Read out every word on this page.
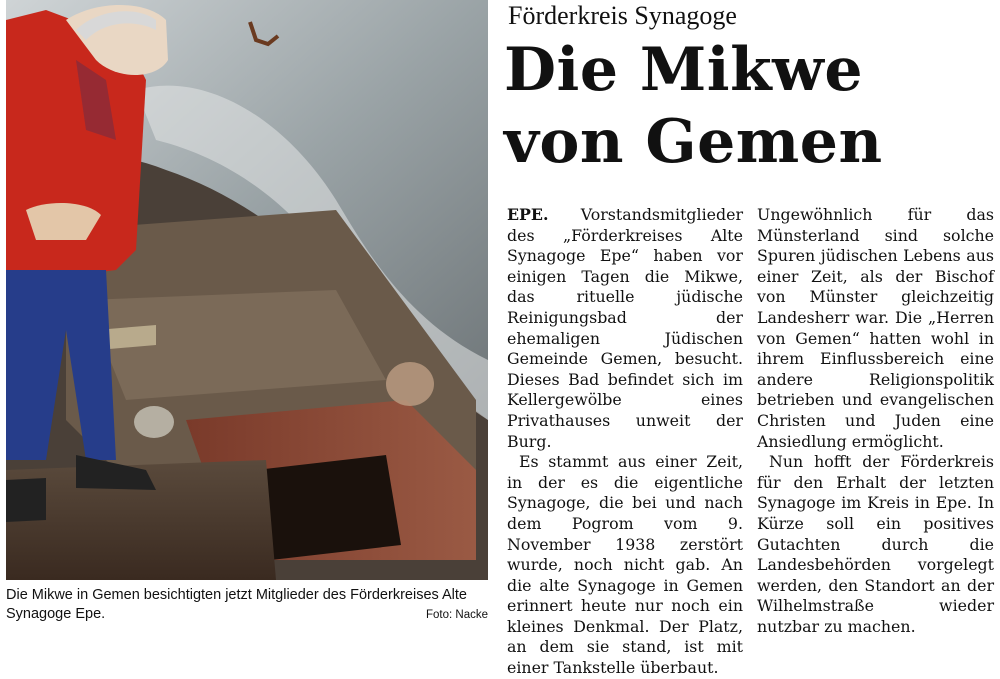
Die Mikwe in Gemen besichtigten jetzt Mitglieder des Förderkreises Alte Synagoge Epe.	Foto: Nacke
Förderkreis Synagoge
Die Mikwe
von Gemen

EPE. Vorstandsmitglieder des „Förderkreises Alte Synagoge Epe“ haben vor einigen Tagen die Mikwe, das rituelle jüdische Reinigungsbad der ehemaligen Jüdischen Gemeinde Gemen, besucht. Dieses Bad befindet sich im Kellergewölbe eines Privathauses unweit der Burg.

Es stammt aus einer Zeit, in der es die eigentliche Synagoge, die bei und nach dem Pogrom vom 9. November 1938 zerstört wurde, noch nicht gab. An die alte Synagoge in Gemen erinnert heute nur noch ein kleines Denkmal. Der Platz, an dem sie stand, ist mit einer Tankstelle überbaut.

Ungewöhnlich für das Münsterland sind solche Spuren jüdischen Lebens aus einer Zeit, als der Bischof von Münster gleichzeitig Landesherr war. Die „Herren von Gemen“ hatten wohl in ihrem Einflussbereich eine andere Religionspolitik betrieben und evangelischen Christen und Juden eine Ansiedlung ermöglicht.

Nun hofft der Förderkreis für den Erhalt der letzten Synagoge im Kreis in Epe. In Kürze soll ein positives Gutachten durch die Landesbehörden vorgelegt werden, den Standort an der Wilhelmstraße wieder nutzbar zu machen.
